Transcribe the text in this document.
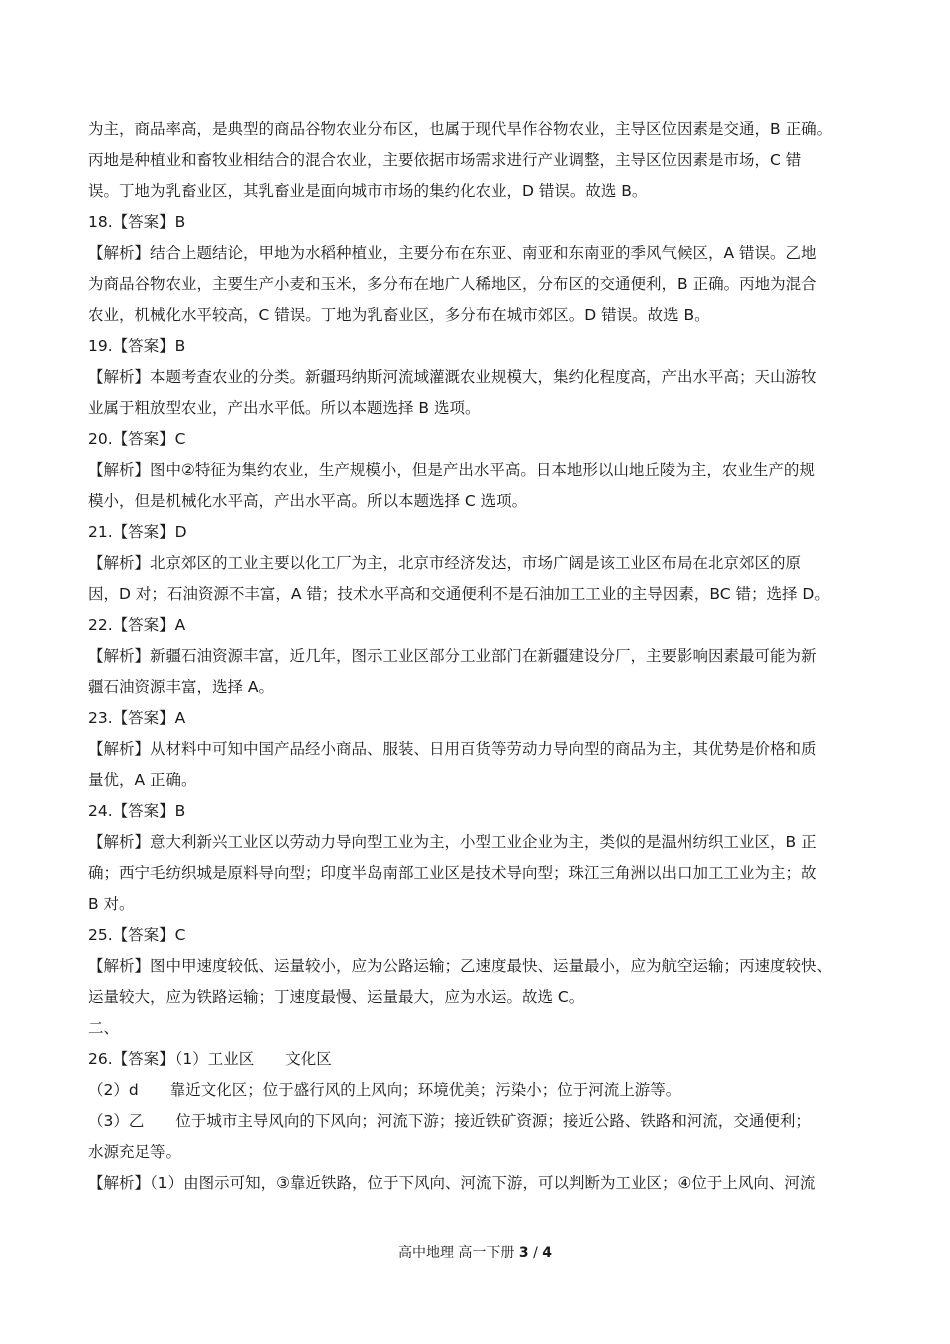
为主，商品率高，是典型的商品谷物农业分布区，也属于现代旱作谷物农业，主导区位因素是交通，B 正确。
丙地是种植业和畜牧业相结合的混合农业，主要依据市场需求进行产业调整，主导区位因素是市场，C 错
误。丁地为乳畜业区，其乳畜业是面向城市市场的集约化农业，D 错误。故选 B。
18.【答案】B
【解析】结合上题结论，甲地为水稻种植业，主要分布在东亚、南亚和东南亚的季风气候区，A 错误。乙地
为商品谷物农业，主要生产小麦和玉米，多分布在地广人稀地区，分布区的交通便利，B 正确。丙地为混合
农业，机械化水平较高，C 错误。丁地为乳畜业区，多分布在城市郊区。D 错误。故选 B。
19.【答案】B
【解析】本题考查农业的分类。新疆玛纳斯河流域灌溉农业规模大，集约化程度高，产出水平高；天山游牧
业属于粗放型农业，产出水平低。所以本题选择 B 选项。
20.【答案】C
【解析】图中②特征为集约农业，生产规模小，但是产出水平高。日本地形以山地丘陵为主，农业生产的规
模小，但是机械化水平高，产出水平高。所以本题选择 C 选项。
21.【答案】D
【解析】北京郊区的工业主要以化工厂为主，北京市经济发达，市场广阔是该工业区布局在北京郊区的原
因，D 对；石油资源不丰富，A 错；技术水平高和交通便利不是石油加工工业的主导因素，BC 错；选择 D。
22.【答案】A
【解析】新疆石油资源丰富，近几年，图示工业区部分工业部门在新疆建设分厂，主要影响因素最可能为新
疆石油资源丰富，选择 A。
23.【答案】A
【解析】从材料中可知中国产品经小商品、服装、日用百货等劳动力导向型的商品为主，其优势是价格和质
量优，A 正确。
24.【答案】B
【解析】意大利新兴工业区以劳动力导向型工业为主，小型工业企业为主，类似的是温州纺织工业区，B 正
确；西宁毛纺织城是原料导向型；印度半岛南部工业区是技术导向型；珠江三角洲以出口加工工业为主；故
B 对。
25.【答案】C
【解析】图中甲速度较低、运量较小，应为公路运输；乙速度最快、运量最小，应为航空运输；丙速度较快、
运量较大，应为铁路运输；丁速度最慢、运量最大，应为水运。故选 C。
二、
26.【答案】（1）工业区　　文化区
（2）d　　靠近文化区；位于盛行风的上风向；环境优美；污染小；位于河流上游等。
（3）乙　　位于城市主导风向的下风向；河流下游；接近铁矿资源；接近公路、铁路和河流，交通便利；
水源充足等。
【解析】（1）由图示可知，③靠近铁路，位于下风向、河流下游，可以判断为工业区；④位于上风向、河流
高中地理 高一下册 3 / 4
